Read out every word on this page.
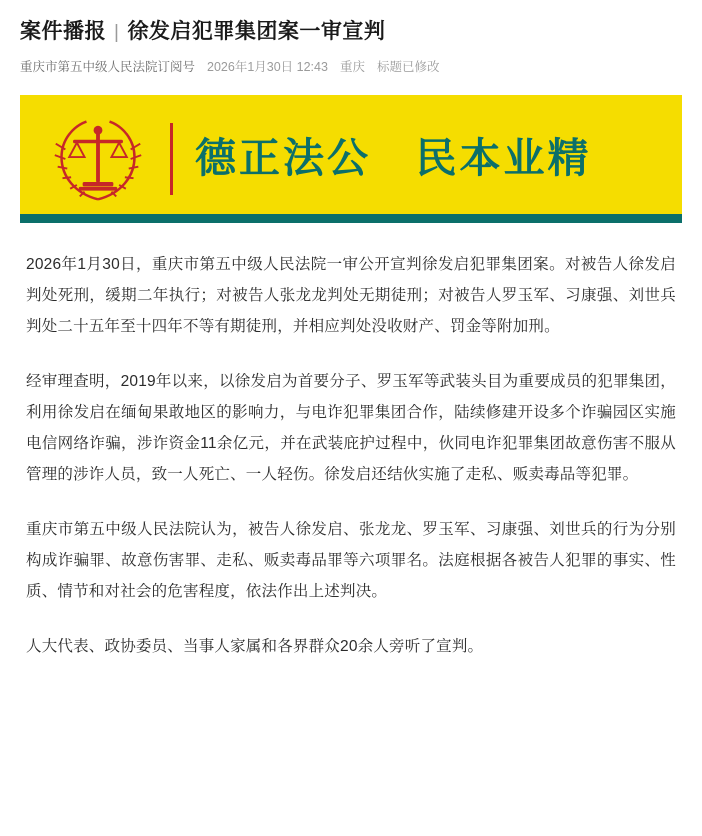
案件播报 | 徐发启犯罪集团案一审宣判
重庆市第五中级人民法院订阅号 2026年1月30日 12:43 重庆 标题已修改
德正法公 民本业精

2026年1月30日，重庆市第五中级人民法院一审公开宣判徐发启犯罪集团案。对被告人徐发启判处死刑，缓期二年执行；对被告人张龙龙判处无期徒刑；对被告人罗玉军、习康强、刘世兵判处二十五年至十四年不等有期徒刑，并相应判处没收财产、罚金等附加刑。

经审理查明，2019年以来，以徐发启为首要分子、罗玉军等武装头目为重要成员的犯罪集团，利用徐发启在缅甸果敢地区的影响力，与电诈犯罪集团合作，陆续修建开设多个诈骗园区实施电信网络诈骗，涉诈资金11余亿元，并在武装庇护过程中，伙同电诈犯罪集团故意伤害不服从管理的涉诈人员，致一人死亡、一人轻伤。徐发启还结伙实施了走私、贩卖毒品等犯罪。

重庆市第五中级人民法院认为，被告人徐发启、张龙龙、罗玉军、习康强、刘世兵的行为分别构成诈骗罪、故意伤害罪、走私、贩卖毒品罪等六项罪名。法庭根据各被告人犯罪的事实、性质、情节和对社会的危害程度，依法作出上述判决。

人大代表、政协委员、当事人家属和各界群众20余人旁听了宣判。
